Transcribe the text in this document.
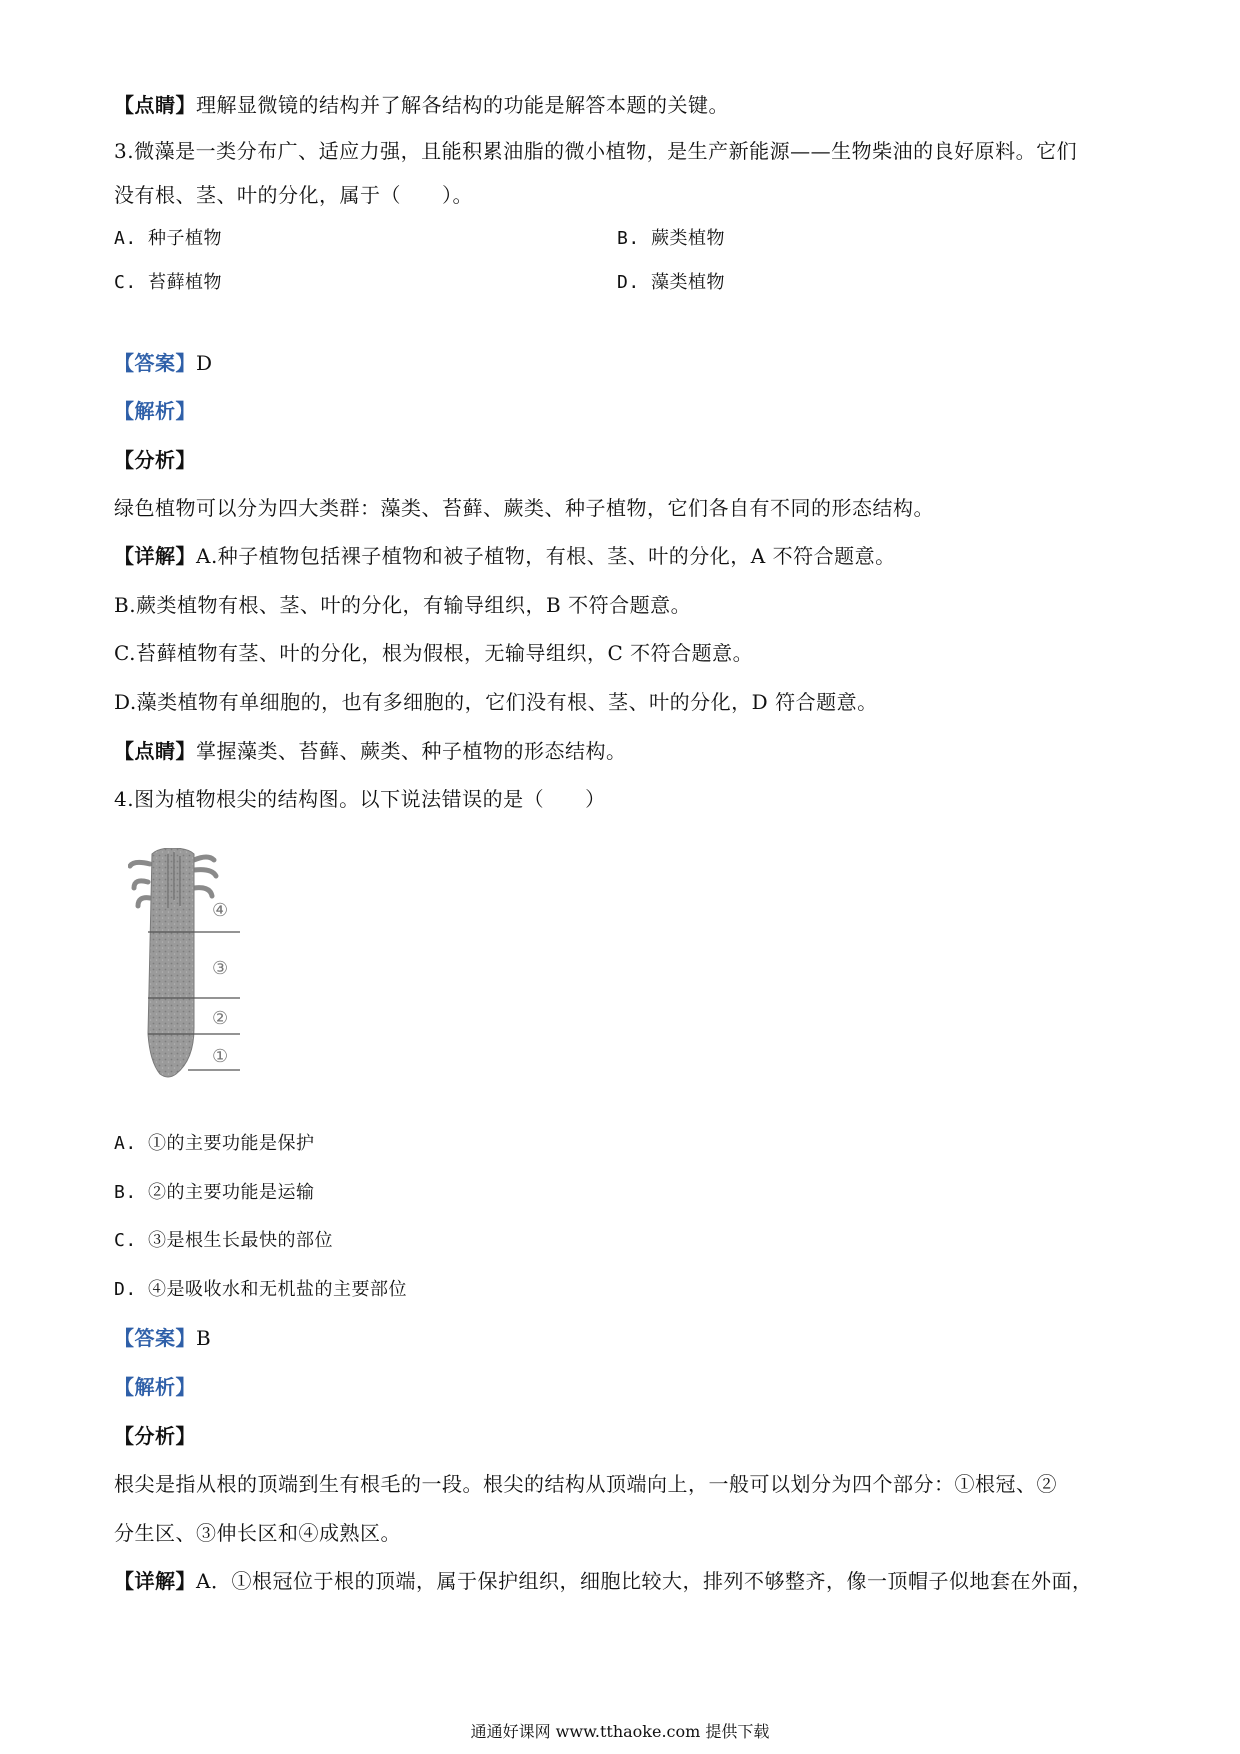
【点睛】理解显微镜的结构并了解各结构的功能是解答本题的关键。
3.微藻是一类分布广、适应力强，且能积累油脂的微小植物，是生产新能源——生物柴油的良好原料。它们
没有根、茎、叶的分化，属于（　　）。
A. 种子植物	B. 蕨类植物
C. 苔藓植物	D. 藻类植物
【答案】D
【解析】
【分析】
绿色植物可以分为四大类群：藻类、苔藓、蕨类、种子植物，它们各自有不同的形态结构。
【详解】A.种子植物包括裸子植物和被子植物，有根、茎、叶的分化，A 不符合题意。
B.蕨类植物有根、茎、叶的分化，有输导组织，B 不符合题意。
C.苔藓植物有茎、叶的分化，根为假根，无输导组织，C 不符合题意。
D.藻类植物有单细胞的，也有多细胞的，它们没有根、茎、叶的分化，D 符合题意。
【点睛】掌握藻类、苔藓、蕨类、种子植物的形态结构。
4.图为植物根尖的结构图。以下说法错误的是（　　）
④
③
②
①
A. ①的主要功能是保护
B. ②的主要功能是运输
C. ③是根生长最快的部位
D. ④是吸收水和无机盐的主要部位
【答案】B
【解析】
【分析】
根尖是指从根的顶端到生有根毛的一段。根尖的结构从顶端向上，一般可以划分为四个部分：①根冠、②
分生区、③伸长区和④成熟区。
【详解】A．①根冠位于根的顶端，属于保护组织，细胞比较大，排列不够整齐，像一顶帽子似地套在外面，
通通好课网 www.tthaoke.com 提供下载
